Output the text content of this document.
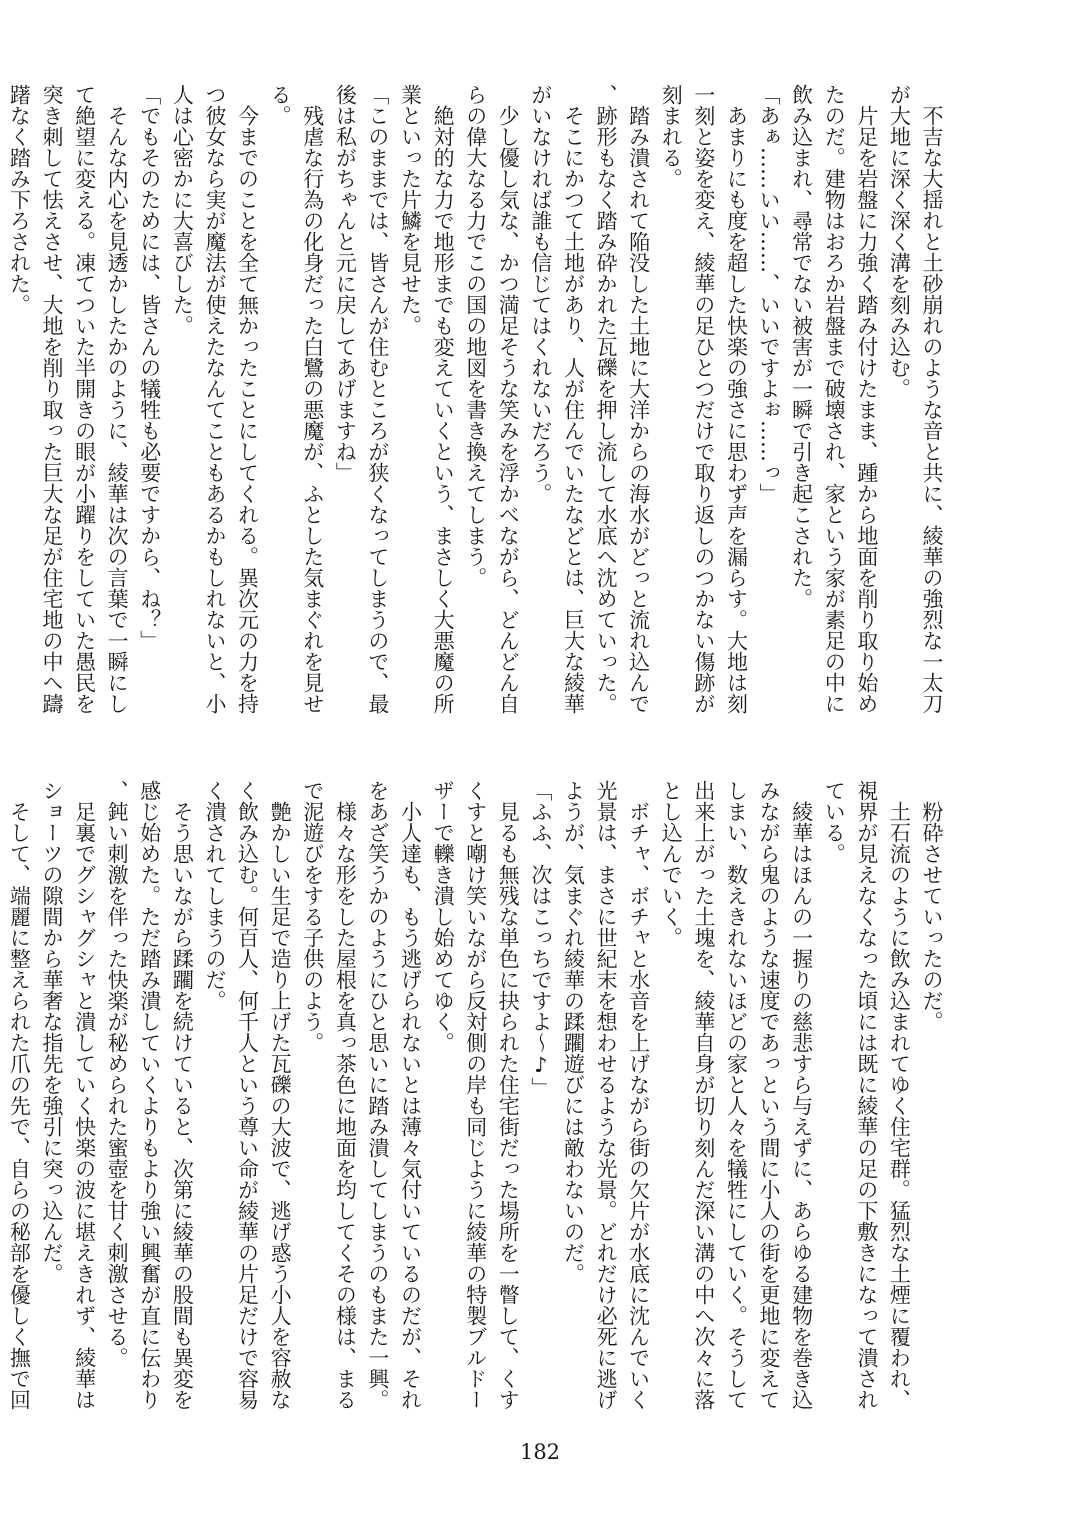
　不吉な大揺れと土砂崩れのような音と共に、綾華の強烈な一太刀が大地に深く深く溝を刻み込む。
　片足を岩盤に力強く踏み付けたまま、踵から地面を削り取り始めたのだ。建物はおろか岩盤まで破壊され、家という家が素足の中に飲み込まれ、尋常でない被害が一瞬で引き起こされた。
「あぁ……いい……、いいですよぉ……っ」
　あまりにも度を超した快楽の強さに思わず声を漏らす。大地は刻一刻と姿を変え、綾華の足ひとつだけで取り返しのつかない傷跡が刻まれる。
　踏み潰されて陥没した土地に大洋からの海水がどっと流れ込んで、跡形もなく踏み砕かれた瓦礫を押し流して水底へ沈めていった。
　そこにかつて土地があり、人が住んでいたなどとは、巨大な綾華がいなければ誰も信じてはくれないだろう。
　少し優し気な、かつ満足そうな笑みを浮かべながら、どんどん自らの偉大なる力でこの国の地図を書き換えてしまう。
　絶対的な力で地形までも変えていくという、まさしく大悪魔の所業といった片鱗を見せた。
「このままでは、皆さんが住むところが狭くなってしまうので、最後は私がちゃんと元に戻してあげますね」
　残虐な行為の化身だった白鷺の悪魔が、ふとした気まぐれを見せる。
　今までのことを全て無かったことにしてくれる。異次元の力を持つ彼女なら実が魔法が使えたなんてこともあるかもしれないと、小人は心密かに大喜びした。
「でもそのためには、皆さんの犠牲も必要ですから、ね？」
　そんな内心を見透かしたかのように、綾華は次の言葉で一瞬にして絶望に変える。凍てついた半開きの眼が小躍りをしていた愚民を突き刺して怯えさせ、大地を削り取った巨大な足が住宅地の中へ躊躇なく踏み下ろされた。
　粉砕させていったのだ。
　土石流のように飲み込まれてゆく住宅群。猛烈な土煙に覆われ、視界が見えなくなった頃には既に綾華の足の下敷きになって潰されている。
　綾華はほんの一握りの慈悲すら与えずに、あらゆる建物を巻き込みながら鬼のような速度であっという間に小人の街を更地に変えてしまい、数えきれないほどの家と人々を犠牲にしていく。そうして出来上がった土塊を、綾華自身が切り刻んだ深い溝の中へ次々に落とし込んでいく。
　ボチャ、ボチャと水音を上げながら街の欠片が水底に沈んでいく光景は、まさに世紀末を想わせるような光景。どれだけ必死に逃げようが、気まぐれ綾華の蹂躙遊びには敵わないのだ。
「ふふ、次はこっちですよ〜♪」
　見るも無残な単色に抉られた住宅街だった場所を一瞥して、くすくすと嘲け笑いながら反対側の岸も同じように綾華の特製ブルドーザーで轢き潰し始めてゆく。
　小人達も、もう逃げられないとは薄々気付いているのだが、それをあざ笑うかのようにひと思いに踏み潰してしまうのもまた一興。
　様々な形をした屋根を真っ茶色に地面を均してくその様は、まるで泥遊びをする子供のよう。
　艶かしい生足で造り上げた瓦礫の大波で、逃げ惑う小人を容赦なく飲み込む。何百人、何千人という尊い命が綾華の片足だけで容易く潰されてしまうのだ。
　そう思いながら蹂躙を続けていると、次第に綾華の股間も異変を感じ始めた。ただ踏み潰していくよりもより強い興奮が直に伝わり、鈍い刺激を伴った快楽が秘められた蜜壺を甘く刺激させる。
　足裏でグシャグシャと潰していく快楽の波に堪えきれず、綾華はショーツの隙間から華奢な指先を強引に突っ込んだ。
　そして、端麗に整えられた爪の先で、自らの秘部を優しく撫で回
182
